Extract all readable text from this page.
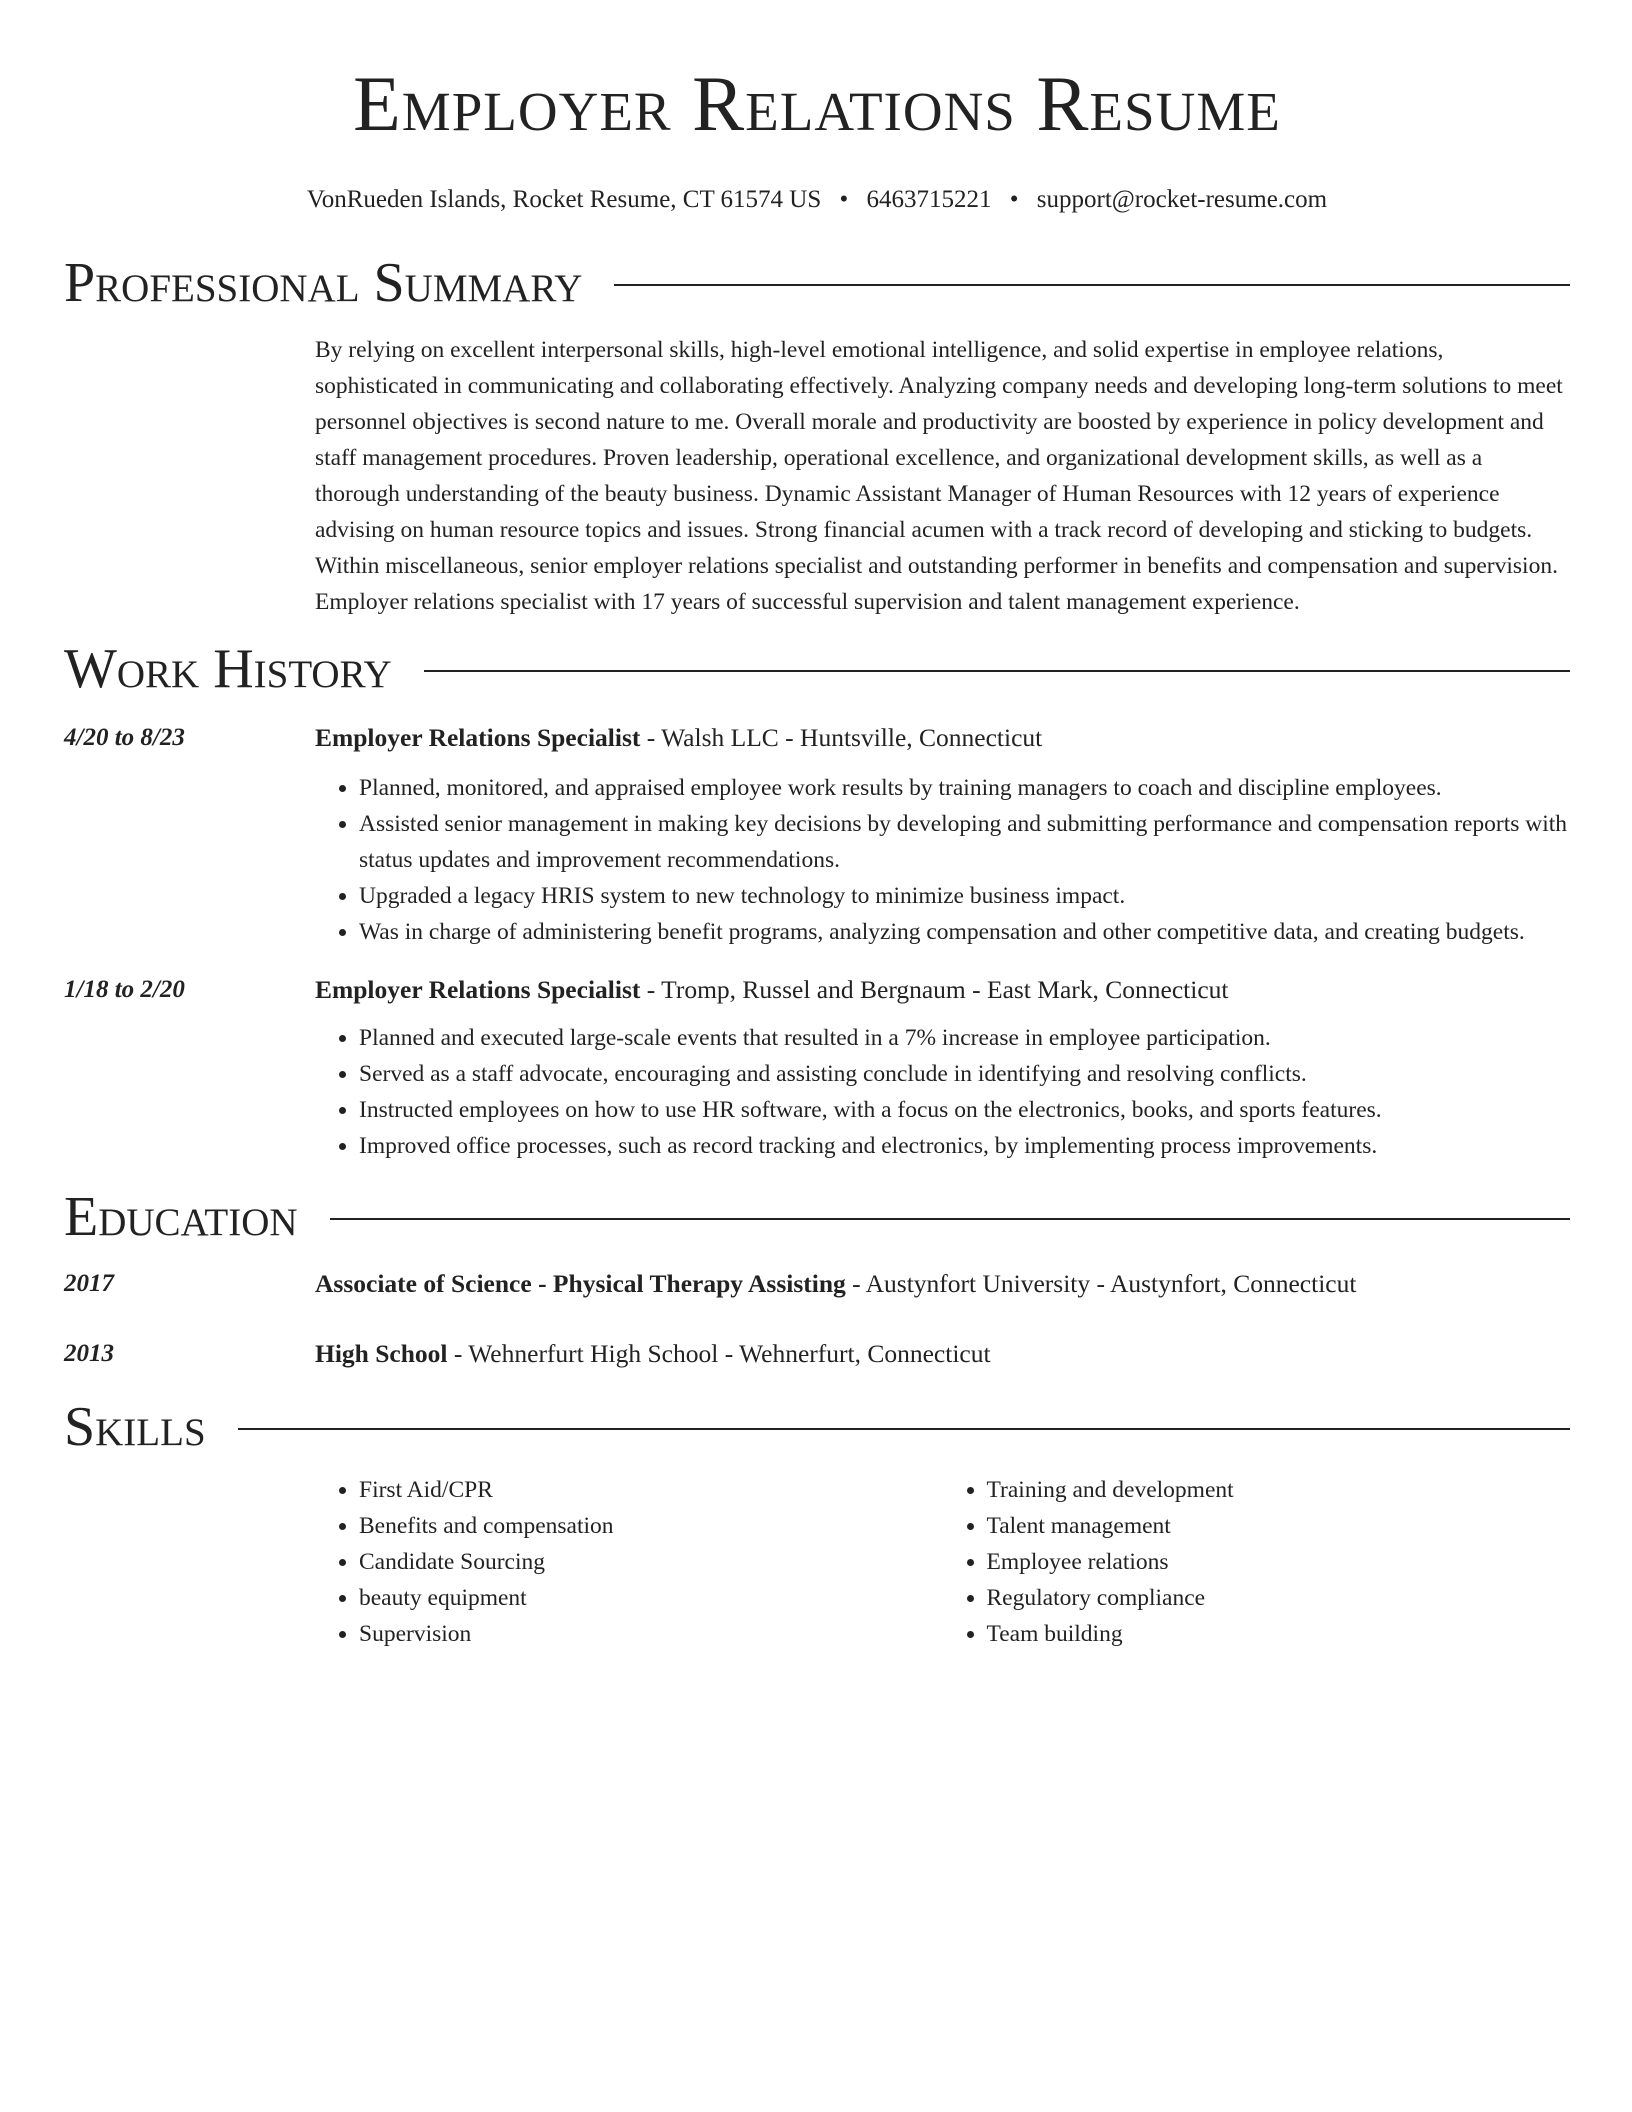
Employer Relations Resume
VonRueden Islands, Rocket Resume, CT 61574 US • 6463715221 • support@rocket-resume.com
Professional Summary
By relying on excellent interpersonal skills, high-level emotional intelligence, and solid expertise in employee relations, sophisticated in communicating and collaborating effectively. Analyzing company needs and developing long-term solutions to meet personnel objectives is second nature to me. Overall morale and productivity are boosted by experience in policy development and staff management procedures. Proven leadership, operational excellence, and organizational development skills, as well as a thorough understanding of the beauty business. Dynamic Assistant Manager of Human Resources with 12 years of experience advising on human resource topics and issues. Strong financial acumen with a track record of developing and sticking to budgets. Within miscellaneous, senior employer relations specialist and outstanding performer in benefits and compensation and supervision. Employer relations specialist with 17 years of successful supervision and talent management experience.
Work History
4/20 to 8/23	Employer Relations Specialist - Walsh LLC - Huntsville, Connecticut
• Planned, monitored, and appraised employee work results by training managers to coach and discipline employees.
• Assisted senior management in making key decisions by developing and submitting performance and compensation reports with status updates and improvement recommendations.
• Upgraded a legacy HRIS system to new technology to minimize business impact.
• Was in charge of administering benefit programs, analyzing compensation and other competitive data, and creating budgets.
1/18 to 2/20	Employer Relations Specialist - Tromp, Russel and Bergnaum - East Mark, Connecticut
• Planned and executed large-scale events that resulted in a 7% increase in employee participation.
• Served as a staff advocate, encouraging and assisting conclude in identifying and resolving conflicts.
• Instructed employees on how to use HR software, with a focus on the electronics, books, and sports features.
• Improved office processes, such as record tracking and electronics, by implementing process improvements.
Education
2017	Associate of Science - Physical Therapy Assisting - Austynfort University - Austynfort, Connecticut
2013	High School - Wehnerfurt High School - Wehnerfurt, Connecticut
Skills
• First Aid/CPR
• Benefits and compensation
• Candidate Sourcing
• beauty equipment
• Supervision
• Training and development
• Talent management
• Employee relations
• Regulatory compliance
• Team building
